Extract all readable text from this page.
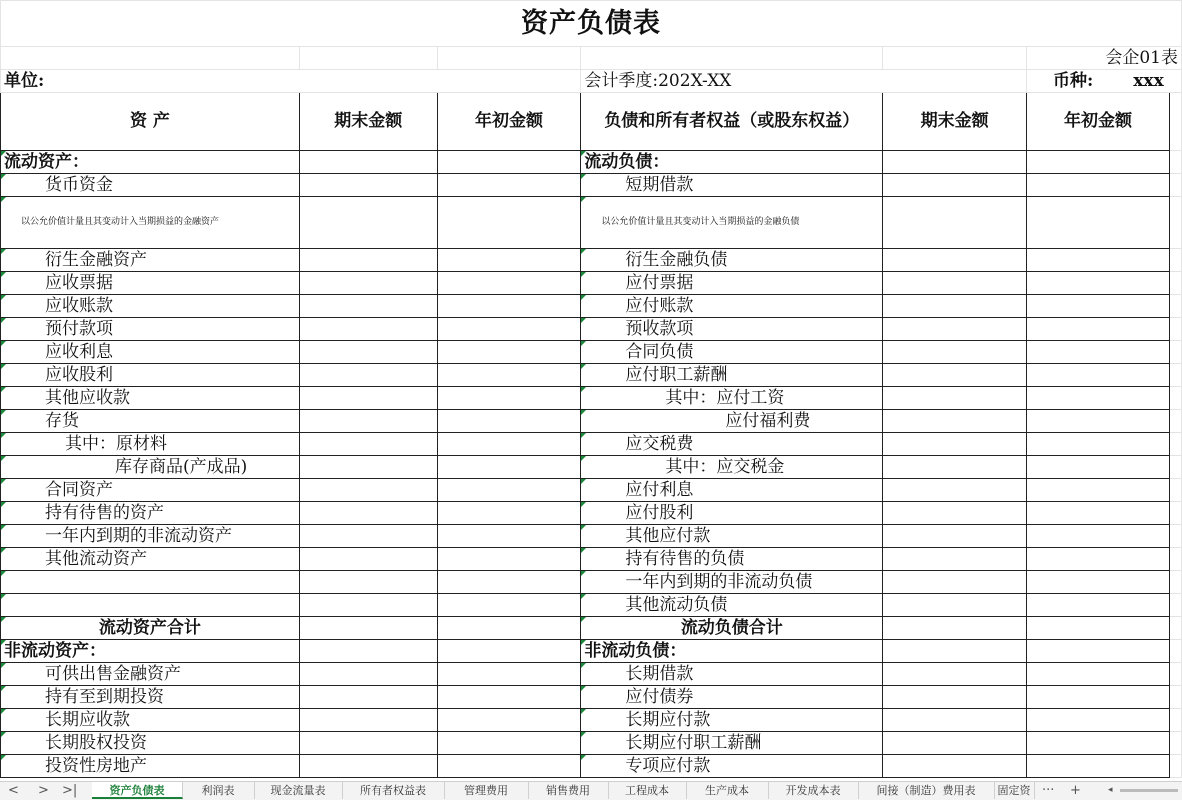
资产负债表						
					会企01表	
单位:			会计季度:202X-XX		币种: xxx	
资 产	期末金额	年初金额	负债和所有者权益（或股东权益）	期末金额	年初金额	
流动资产：			流动负债：			
货币资金			短期借款			
以公允价值计量且其变动计入当期损益的金融资产			以公允价值计量且其变动计入当期损益的金融负债			
衍生金融资产			衍生金融负债			
应收票据			应付票据			
应收账款			应付账款			
预付款项			预收款项			
应收利息			合同负债			
应收股利			应付职工薪酬			
其他应收款			其中：应付工资			
存货			应付福利费			
其中：原材料			应交税费			
库存商品(产成品)			其中：应交税金			
合同资产			应付利息			
持有待售的资产			应付股利			
一年内到期的非流动资产			其他应付款			
其他流动资产			持有待售的负债			
			一年内到期的非流动负债			
			其他流动负债			
流动资产合计			流动负债合计			
非流动资产：			非流动负债：			
可供出售金融资产			长期借款			
持有至到期投资			应付债券			
长期应收款			长期应付款			
长期股权投资			长期应付职工薪酬			
投资性房地产			专项应付款			
< > >|	资产负债表	利润表	现金流量表	所有者权益表	管理费用	销售费用	工程成本	生产成本	开发成本表	间接（制造）费用表	固定资 ··· +	◂
